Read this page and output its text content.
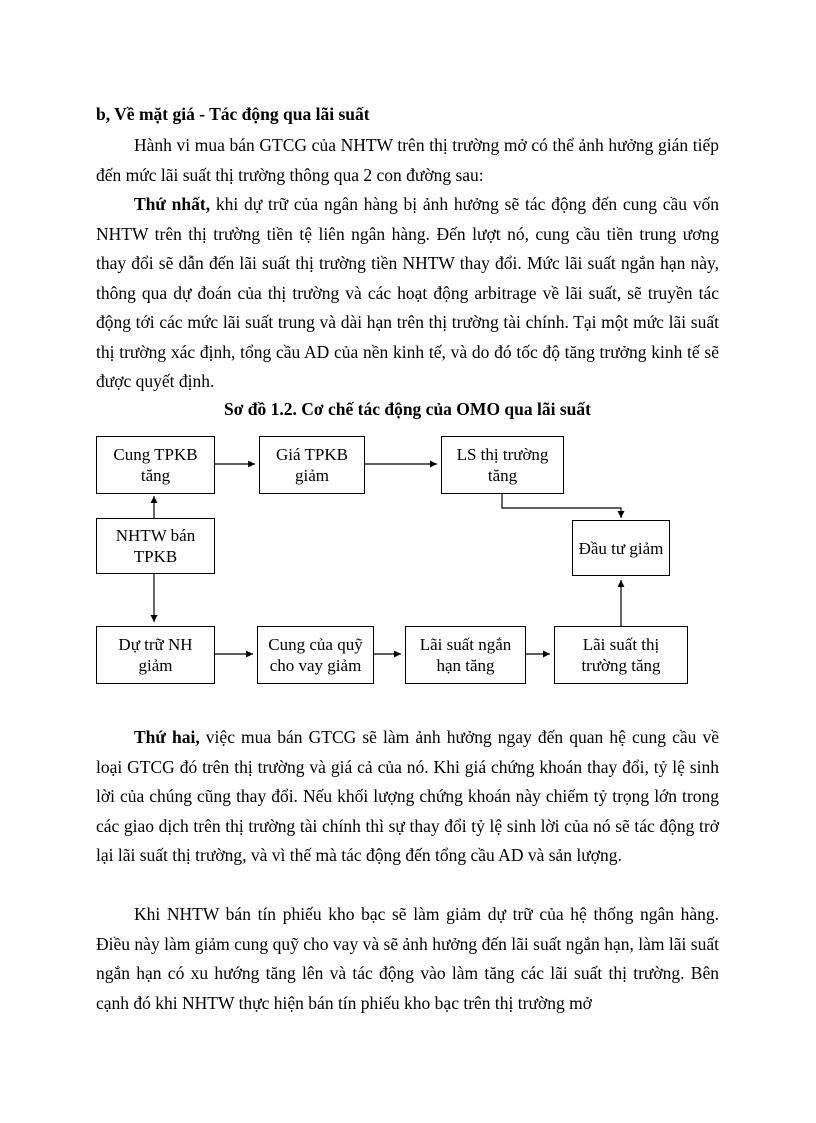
b, Về mặt giá - Tác động qua lãi suất

Hành vi mua bán GTCG của NHTW trên thị trường mở có thể ảnh hưởng gián tiếp đến mức lãi suất thị trường thông qua 2 con đường sau:

Thứ nhất, khi dự trữ của ngân hàng bị ảnh hưởng sẽ tác động đến cung cầu vốn NHTW trên thị trường tiền tệ liên ngân hàng. Đến lượt nó, cung cầu tiền trung ương thay đổi sẽ dẫn đến lãi suất thị trường tiền NHTW thay đổi. Mức lãi suất ngắn hạn này, thông qua dự đoán của thị trường và các hoạt động arbitrage về lãi suất, sẽ truyền tác động tới các mức lãi suất trung và dài hạn trên thị trường tài chính. Tại một mức lãi suất thị trường xác định, tổng cầu AD của nền kinh tế, và do đó tốc độ tăng trưởng kinh tế sẽ được quyết định.

Sơ đồ 1.2. Cơ chế tác động của OMO qua lãi suất

Cung TPKB tăng
Giá TPKB giảm
LS thị trường tăng
NHTW bán TPKB	Đầu tư giảm
Dự trữ NH giảm
Cung của quỹ cho vay giảm
Lãi suất ngắn hạn tăng
Lãi suất thị trường tăng

Thứ hai, việc mua bán GTCG sẽ làm ảnh hưởng ngay đến quan hệ cung cầu về loại GTCG đó trên thị trường và giá cả của nó. Khi giá chứng khoán thay đổi, tỷ lệ sinh lời của chúng cũng thay đổi. Nếu khối lượng chứng khoán này chiếm tỷ trọng lớn trong các giao dịch trên thị trường tài chính thì sự thay đổi tỷ lệ sinh lời của nó sẽ tác động trở lại lãi suất thị trường, và vì thế mà tác động đến tổng cầu AD và sản lượng.

Khi NHTW bán tín phiếu kho bạc sẽ làm giảm dự trữ của hệ thống ngân hàng. Điều này làm giảm cung quỹ cho vay và sẽ ảnh hưởng đến lãi suất ngắn hạn, làm lãi suất ngắn hạn có xu hướng tăng lên và tác động vào làm tăng các lãi suất thị trường. Bên cạnh đó khi NHTW thực hiện bán tín phiếu kho bạc trên thị trường mở
